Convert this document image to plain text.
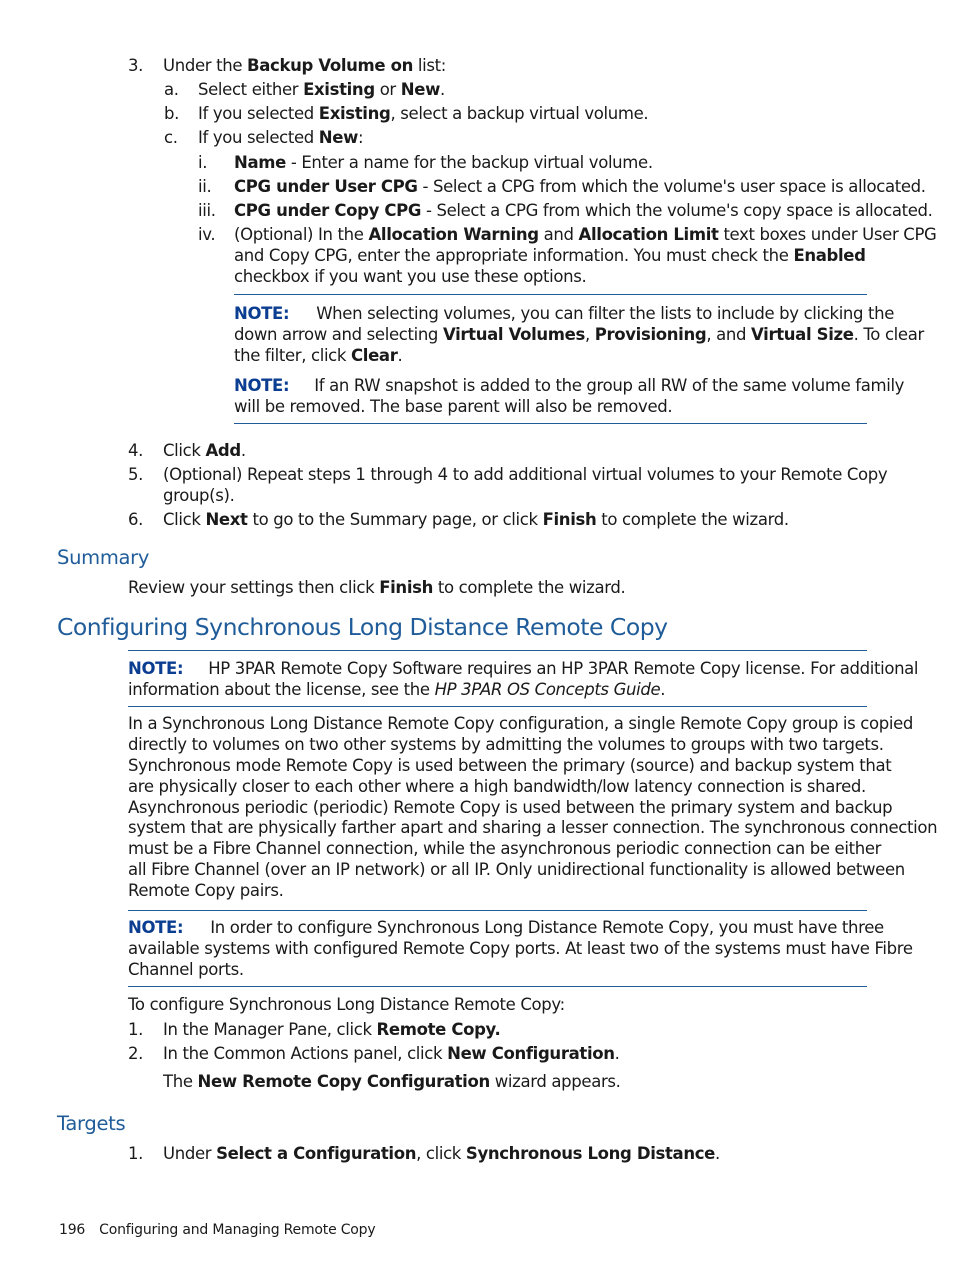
3. Under the Backup Volume on list:
a. Select either Existing or New.
b. If you selected Existing, select a backup virtual volume.
c. If you selected New:
i. Name - Enter a name for the backup virtual volume.
ii. CPG under User CPG - Select a CPG from which the volume's user space is allocated.
iii. CPG under Copy CPG - Select a CPG from which the volume's copy space is allocated.
iv. (Optional) In the Allocation Warning and Allocation Limit text boxes under User CPG
and Copy CPG, enter the appropriate information. You must check the Enabled
checkbox if you want you use these options.
NOTE: When selecting volumes, you can filter the lists to include by clicking the
down arrow and selecting Virtual Volumes, Provisioning, and Virtual Size. To clear
the filter, click Clear.
NOTE: If an RW snapshot is added to the group all RW of the same volume family
will be removed. The base parent will also be removed.
4. Click Add.
5. (Optional) Repeat steps 1 through 4 to add additional virtual volumes to your Remote Copy
group(s).
6. Click Next to go to the Summary page, or click Finish to complete the wizard.
Summary
Review your settings then click Finish to complete the wizard.
Configuring Synchronous Long Distance Remote Copy
NOTE: HP 3PAR Remote Copy Software requires an HP 3PAR Remote Copy license. For additional
information about the license, see the HP 3PAR OS Concepts Guide.
In a Synchronous Long Distance Remote Copy configuration, a single Remote Copy group is copied
directly to volumes on two other systems by admitting the volumes to groups with two targets.
Synchronous mode Remote Copy is used between the primary (source) and backup system that
are physically closer to each other where a high bandwidth/low latency connection is shared.
Asynchronous periodic (periodic) Remote Copy is used between the primary system and backup
system that are physically farther apart and sharing a lesser connection. The synchronous connection
must be a Fibre Channel connection, while the asynchronous periodic connection can be either
all Fibre Channel (over an IP network) or all IP. Only unidirectional functionality is allowed between
Remote Copy pairs.
NOTE: In order to configure Synchronous Long Distance Remote Copy, you must have three
available systems with configured Remote Copy ports. At least two of the systems must have Fibre
Channel ports.
To configure Synchronous Long Distance Remote Copy:
1. In the Manager Pane, click Remote Copy.
2. In the Common Actions panel, click New Configuration.
The New Remote Copy Configuration wizard appears.
Targets
1. Under Select a Configuration, click Synchronous Long Distance.
196 Configuring and Managing Remote Copy
